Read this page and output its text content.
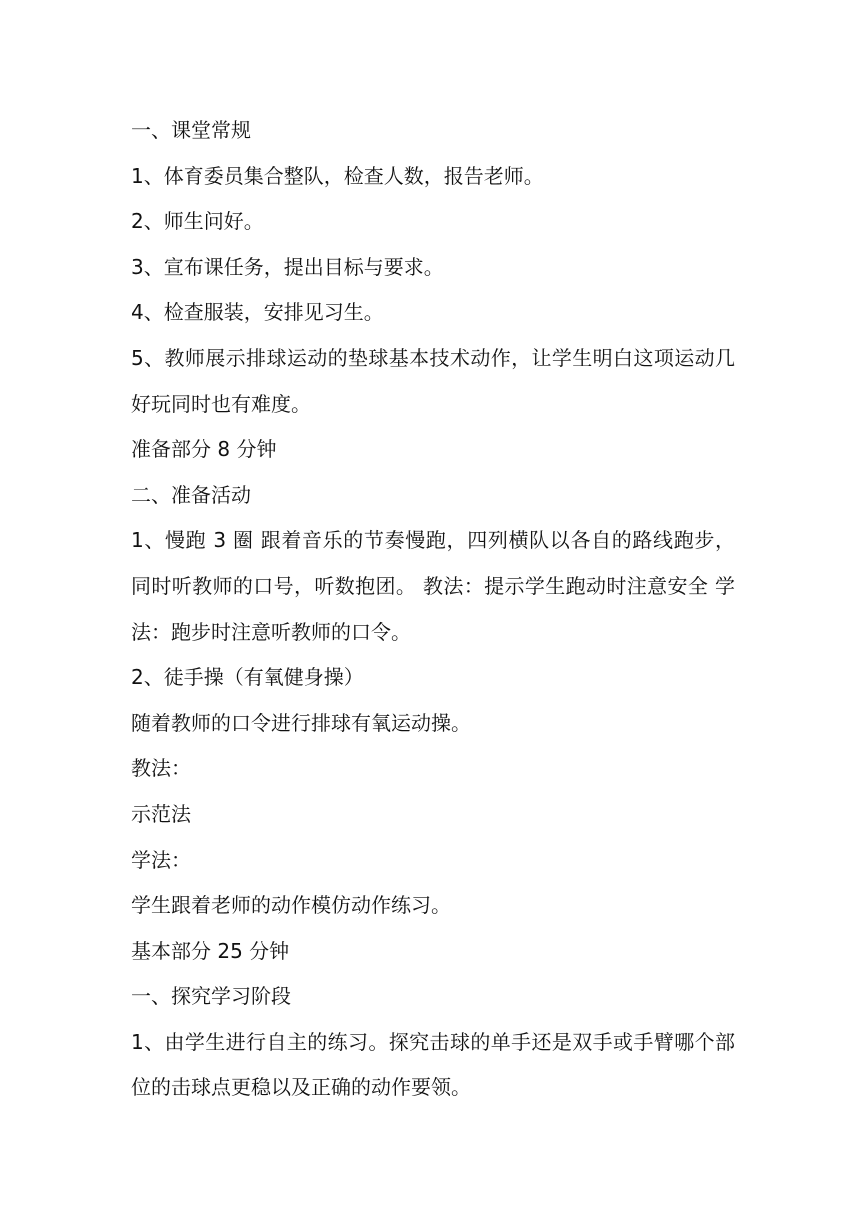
一、课堂常规

1、体育委员集合整队，检查人数，报告老师。

2、师生问好。

3、宣布课任务，提出目标与要求。

4、检查服装，安排见习生。

5、教师展示排球运动的垫球基本技术动作，让学生明白这项运动几好玩同时也有难度。

准备部分 8 分钟

二、准备活动

1、慢跑 3 圈 跟着音乐的节奏慢跑，四列横队以各自的路线跑步，同时听教师的口号，听数抱团。 教法：提示学生跑动时注意安全 学法：跑步时注意听教师的口令。

2、徒手操（有氧健身操）

随着教师的口令进行排球有氧运动操。

教法：

示范法

学法：

学生跟着老师的动作模仿动作练习。

基本部分 25 分钟

一、探究学习阶段

1、由学生进行自主的练习。探究击球的单手还是双手或手臂哪个部位的击球点更稳以及正确的动作要领。
